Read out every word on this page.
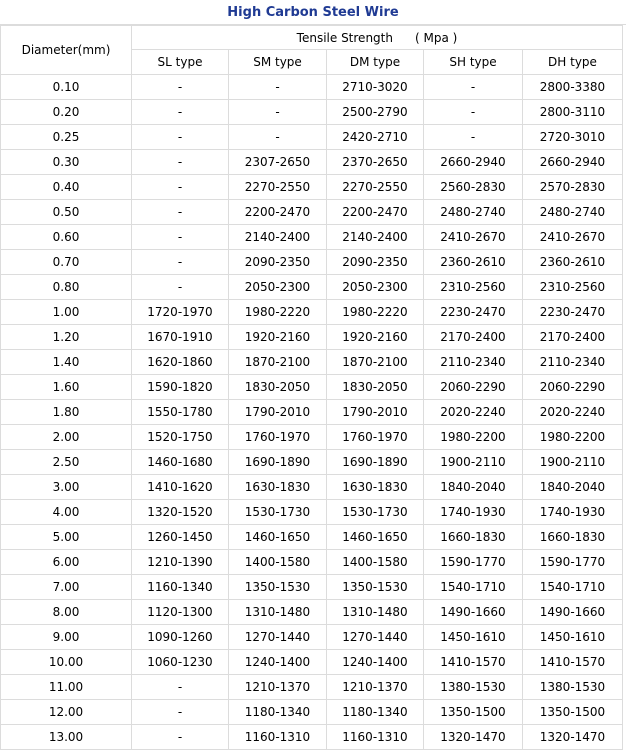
High Carbon Steel Wire
Diameter(mm)	Tensile Strength ( Mpa )				
	SL type	SM type	DM type	SH type	DH type
0.10	-	-	2710-3020	-	2800-3380
0.20	-	-	2500-2790	-	2800-3110
0.25	-	-	2420-2710	-	2720-3010
0.30	-	2307-2650	2370-2650	2660-2940	2660-2940
0.40	-	2270-2550	2270-2550	2560-2830	2570-2830
0.50	-	2200-2470	2200-2470	2480-2740	2480-2740
0.60	-	2140-2400	2140-2400	2410-2670	2410-2670
0.70	-	2090-2350	2090-2350	2360-2610	2360-2610
0.80	-	2050-2300	2050-2300	2310-2560	2310-2560
1.00	1720-1970	1980-2220	1980-2220	2230-2470	2230-2470
1.20	1670-1910	1920-2160	1920-2160	2170-2400	2170-2400
1.40	1620-1860	1870-2100	1870-2100	2110-2340	2110-2340
1.60	1590-1820	1830-2050	1830-2050	2060-2290	2060-2290
1.80	1550-1780	1790-2010	1790-2010	2020-2240	2020-2240
2.00	1520-1750	1760-1970	1760-1970	1980-2200	1980-2200
2.50	1460-1680	1690-1890	1690-1890	1900-2110	1900-2110
3.00	1410-1620	1630-1830	1630-1830	1840-2040	1840-2040
4.00	1320-1520	1530-1730	1530-1730	1740-1930	1740-1930
5.00	1260-1450	1460-1650	1460-1650	1660-1830	1660-1830
6.00	1210-1390	1400-1580	1400-1580	1590-1770	1590-1770
7.00	1160-1340	1350-1530	1350-1530	1540-1710	1540-1710
8.00	1120-1300	1310-1480	1310-1480	1490-1660	1490-1660
9.00	1090-1260	1270-1440	1270-1440	1450-1610	1450-1610
10.00	1060-1230	1240-1400	1240-1400	1410-1570	1410-1570
11.00	-	1210-1370	1210-1370	1380-1530	1380-1530
12.00	-	1180-1340	1180-1340	1350-1500	1350-1500
13.00	-	1160-1310	1160-1310	1320-1470	1320-1470
